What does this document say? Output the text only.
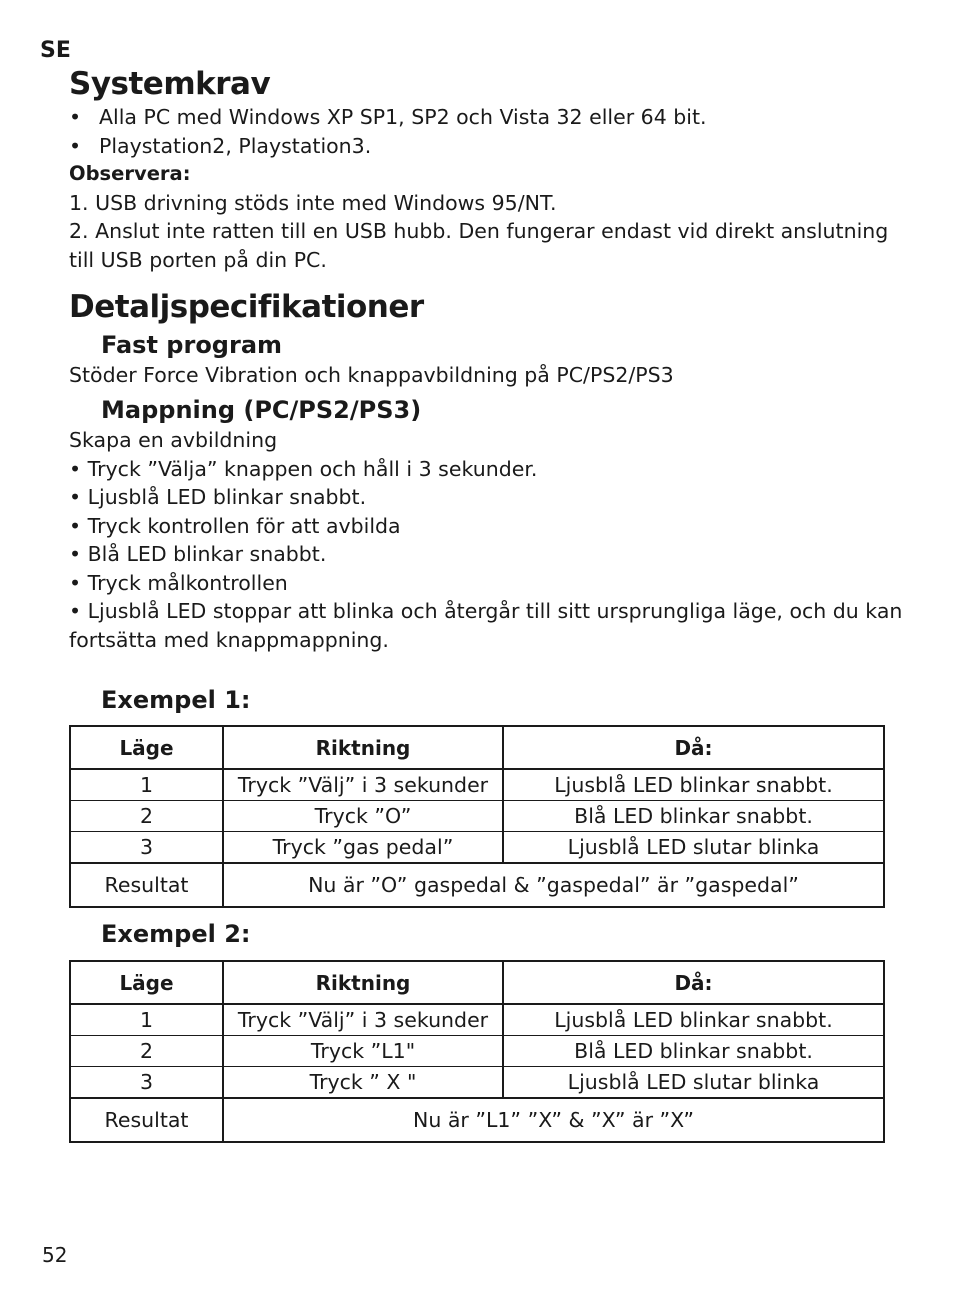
SE
Systemkrav
• Alla PC med Windows XP SP1, SP2 och Vista 32 eller 64 bit.
• Playstation2, Playstation3.
Observera:
1. USB drivning stöds inte med Windows 95/NT.
2. Anslut inte ratten till en USB hubb. Den fungerar endast vid direkt anslutning
till USB porten på din PC.
Detaljspecifikationer
Fast program
Stöder Force Vibration och knappavbildning på PC/PS2/PS3
Mappning (PC/PS2/PS3)
Skapa en avbildning
• Tryck ”Välja” knappen och håll i 3 sekunder.
• Ljusblå LED blinkar snabbt.
• Tryck kontrollen för att avbilda
• Blå LED blinkar snabbt.
• Tryck målkontrollen
• Ljusblå LED stoppar att blinka och återgår till sitt ursprungliga läge, och du kan
fortsätta med knappmappning.
Exempel 1:
Läge	Riktning	Då:
1	Tryck ”Välj” i 3 sekunder	Ljusblå LED blinkar snabbt.
2	Tryck ”O”	Blå LED blinkar snabbt.
3	Tryck ”gas pedal”	Ljusblå LED slutar blinka
Resultat	Nu är ”O” gaspedal & ”gaspedal” är ”gaspedal”	
Exempel 2:
Läge	Riktning	Då:
1	Tryck ”Välj” i 3 sekunder	Ljusblå LED blinkar snabbt.
2	Tryck ”L1"	Blå LED blinkar snabbt.
3	Tryck ” X "	Ljusblå LED slutar blinka
Resultat	Nu är ”L1” ”X” & ”X” är ”X”	
52
